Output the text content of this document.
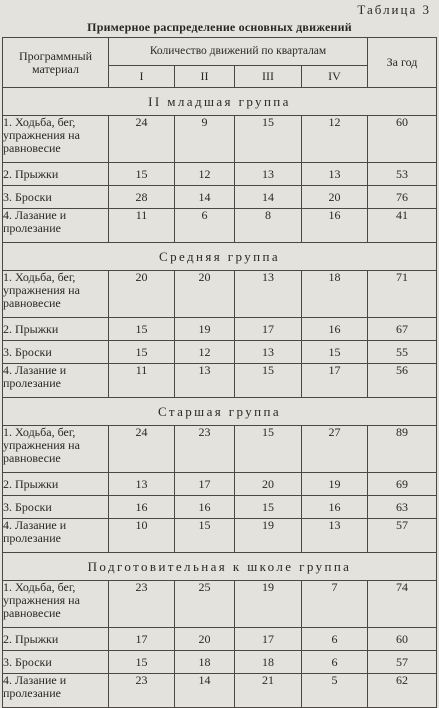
Таблица 3
Примерное распределение основных движений
Программный материал	Количество движений по кварталам				За год
	I	II	III	IV	
II младшая группа					
1. Ходьба, бег, упражнения на равновесие	24	9	15	12	60
2. Прыжки	15	12	13	13	53
3. Броски	28	14	14	20	76
4. Лазание и пролезание	11	6	8	16	41
Средняя группа					
1. Ходьба, бег, упражнения на равновесие	20	20	13	18	71
2. Прыжки	15	19	17	16	67
3. Броски	15	12	13	15	55
4. Лазание и пролезание	11	13	15	17	56
Старшая группа					
1. Ходьба, бег, упражнения на равновесие	24	23	15	27	89
2. Прыжки	13	17	20	19	69
3. Броски	16	16	15	16	63
4. Лазание и пролезание	10	15	19	13	57
Подготовительная к школе группа					
1. Ходьба, бег, упражнения на равновесие	23	25	19	7	74
2. Прыжки	17	20	17	6	60
3. Броски	15	18	18	6	57
4. Лазание и пролезание	23	14	21	5	62
